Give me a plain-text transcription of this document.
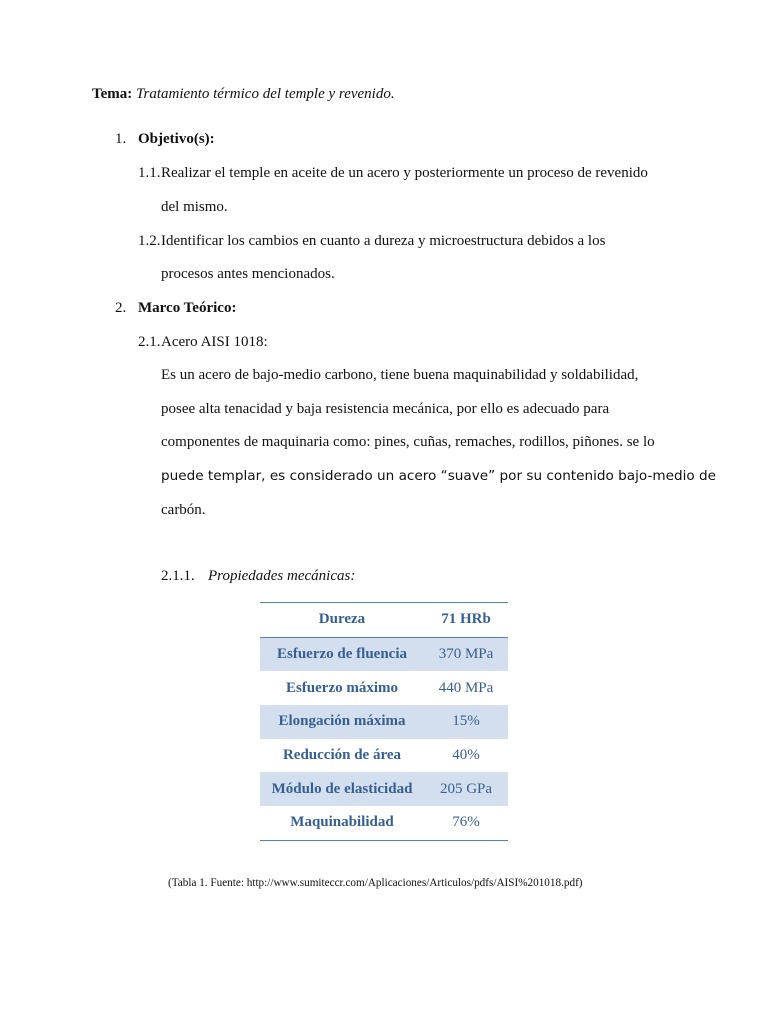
Tema: Tratamiento térmico del temple y revenido.
1. Objetivo(s):
1.1. Realizar el temple en aceite de un acero y posteriormente un proceso de revenido
del mismo.
1.2. Identificar los cambios en cuanto a dureza y microestructura debidos a los
procesos antes mencionados.
2. Marco Teórico:
2.1. Acero AISI 1018:
Es un acero de bajo-medio carbono, tiene buena maquinabilidad y soldabilidad,
posee alta tenacidad y baja resistencia mecánica, por ello es adecuado para
componentes de maquinaria como: pines, cuñas, remaches, rodillos, piñones. se lo
puede templar, es considerado un acero “suave” por su contenido bajo-medio de
carbón.
2.1.1. Propiedades mecánicas:
Dureza	71 HRb
Esfuerzo de fluencia	370 MPa
Esfuerzo máximo	440 MPa
Elongación máxima	15%
Reducción de área	40%
Módulo de elasticidad	205 GPa
Maquinabilidad	76%
(Tabla 1. Fuente: http://www.sumiteccr.com/Aplicaciones/Articulos/pdfs/AISI%201018.pdf)
